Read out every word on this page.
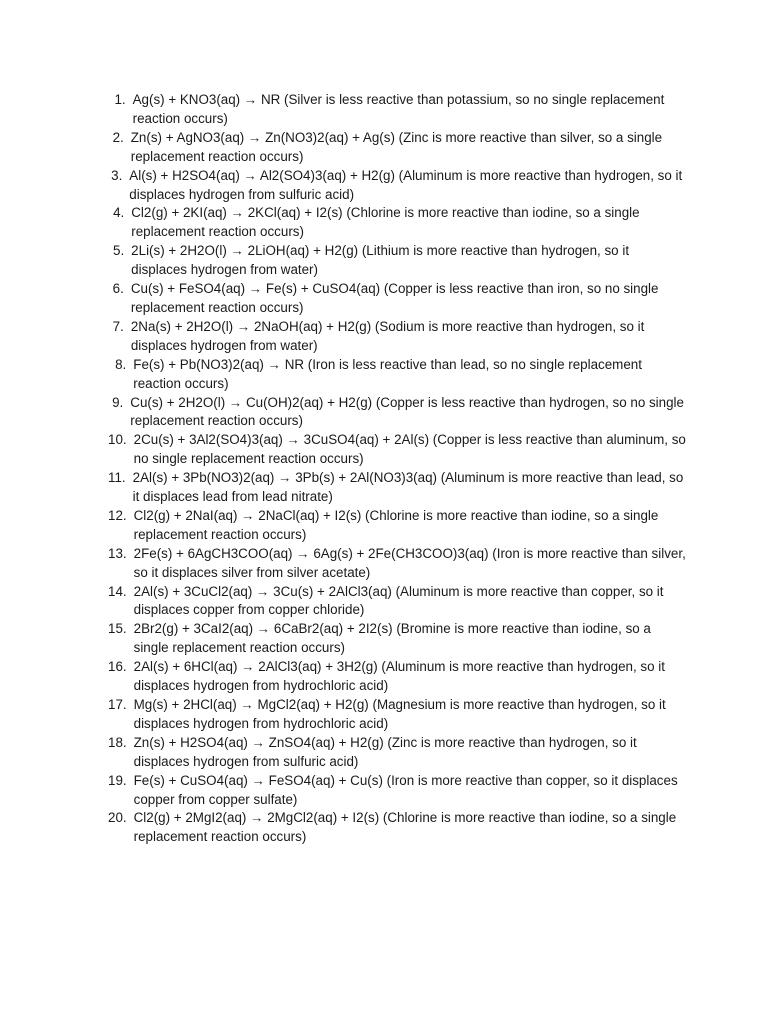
1. Ag(s) + KNO3(aq) → NR (Silver is less reactive than potassium, so no single replacement reaction occurs)
2. Zn(s) + AgNO3(aq) → Zn(NO3)2(aq) + Ag(s) (Zinc is more reactive than silver, so a single replacement reaction occurs)
3. Al(s) + H2SO4(aq) → Al2(SO4)3(aq) + H2(g) (Aluminum is more reactive than hydrogen, so it displaces hydrogen from sulfuric acid)
4. Cl2(g) + 2KI(aq) → 2KCl(aq) + I2(s) (Chlorine is more reactive than iodine, so a single replacement reaction occurs)
5. 2Li(s) + 2H2O(l) → 2LiOH(aq) + H2(g) (Lithium is more reactive than hydrogen, so it displaces hydrogen from water)
6. Cu(s) + FeSO4(aq) → Fe(s) + CuSO4(aq) (Copper is less reactive than iron, so no single replacement reaction occurs)
7. 2Na(s) + 2H2O(l) → 2NaOH(aq) + H2(g) (Sodium is more reactive than hydrogen, so it displaces hydrogen from water)
8. Fe(s) + Pb(NO3)2(aq) → NR (Iron is less reactive than lead, so no single replacement reaction occurs)
9. Cu(s) + 2H2O(l) → Cu(OH)2(aq) + H2(g) (Copper is less reactive than hydrogen, so no single replacement reaction occurs)
10. 2Cu(s) + 3Al2(SO4)3(aq) → 3CuSO4(aq) + 2Al(s) (Copper is less reactive than aluminum, so no single replacement reaction occurs)
11. 2Al(s) + 3Pb(NO3)2(aq) → 3Pb(s) + 2Al(NO3)3(aq) (Aluminum is more reactive than lead, so it displaces lead from lead nitrate)
12. Cl2(g) + 2NaI(aq) → 2NaCl(aq) + I2(s) (Chlorine is more reactive than iodine, so a single replacement reaction occurs)
13. 2Fe(s) + 6AgCH3COO(aq) → 6Ag(s) + 2Fe(CH3COO)3(aq) (Iron is more reactive than silver, so it displaces silver from silver acetate)
14. 2Al(s) + 3CuCl2(aq) → 3Cu(s) + 2AlCl3(aq) (Aluminum is more reactive than copper, so it displaces copper from copper chloride)
15. 2Br2(g) + 3CaI2(aq) → 6CaBr2(aq) + 2I2(s) (Bromine is more reactive than iodine, so a single replacement reaction occurs)
16. 2Al(s) + 6HCl(aq) → 2AlCl3(aq) + 3H2(g) (Aluminum is more reactive than hydrogen, so it displaces hydrogen from hydrochloric acid)
17. Mg(s) + 2HCl(aq) → MgCl2(aq) + H2(g) (Magnesium is more reactive than hydrogen, so it displaces hydrogen from hydrochloric acid)
18. Zn(s) + H2SO4(aq) → ZnSO4(aq) + H2(g) (Zinc is more reactive than hydrogen, so it displaces hydrogen from sulfuric acid)
19. Fe(s) + CuSO4(aq) → FeSO4(aq) + Cu(s) (Iron is more reactive than copper, so it displaces copper from copper sulfate)
20. Cl2(g) + 2MgI2(aq) → 2MgCl2(aq) + I2(s) (Chlorine is more reactive than iodine, so a single replacement reaction occurs)
